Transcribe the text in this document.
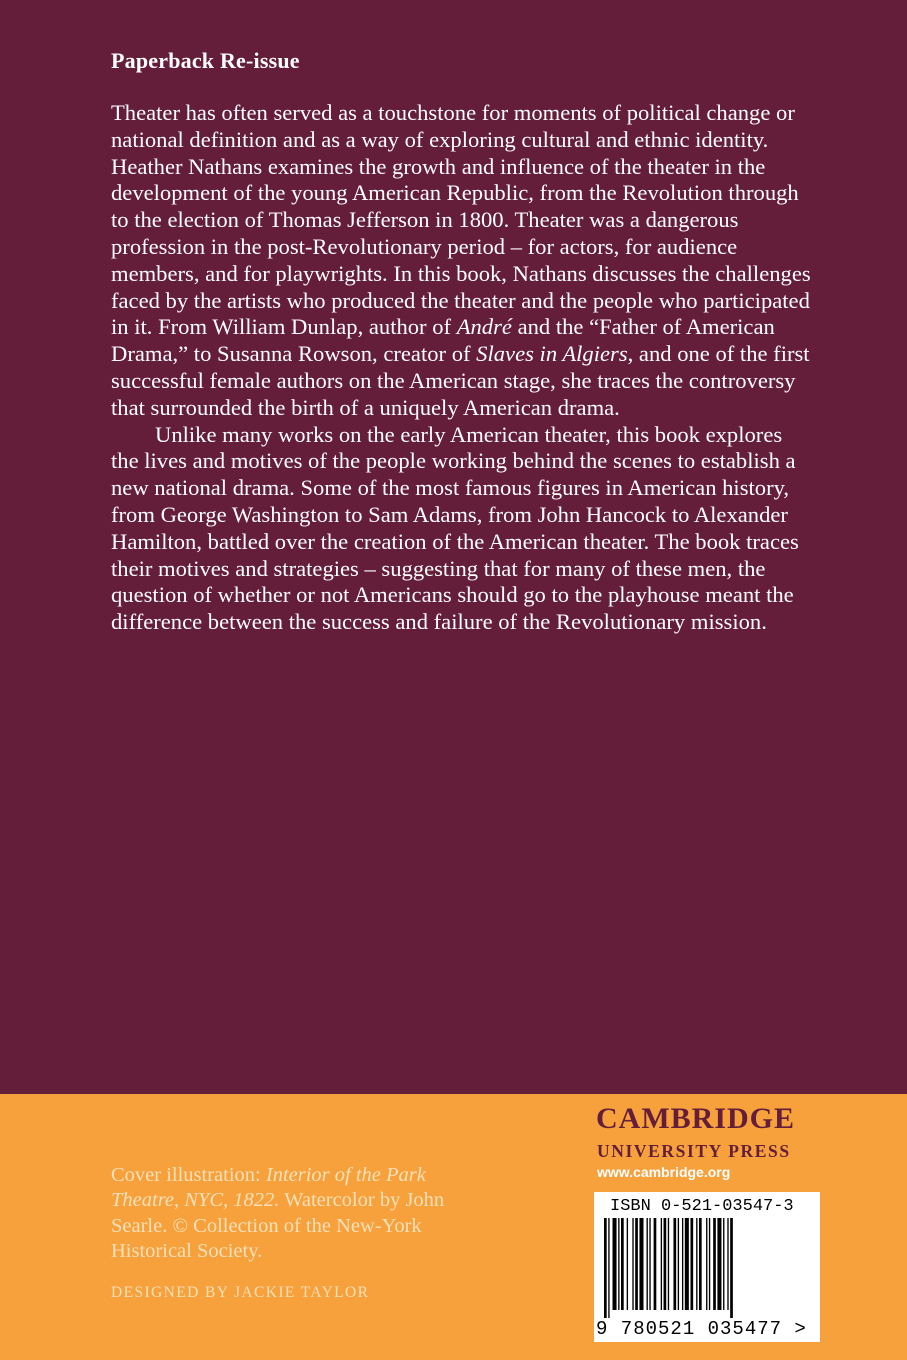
Paperback Re-issue

Theater has often served as a touchstone for moments of political change or national definition and as a way of exploring cultural and ethnic identity. Heather Nathans examines the growth and influence of the theater in the development of the young American Republic, from the Revolution through to the election of Thomas Jefferson in 1800. Theater was a dangerous profession in the post-Revolutionary period – for actors, for audience members, and for playwrights. In this book, Nathans discusses the challenges faced by the artists who produced the theater and the people who participated in it. From William Dunlap, author of André and the “Father of American Drama,” to Susanna Rowson, creator of Slaves in Algiers, and one of the first successful female authors on the American stage, she traces the controversy that surrounded the birth of a uniquely American drama.

Unlike many works on the early American theater, this book explores the lives and motives of the people working behind the scenes to establish a new national drama. Some of the most famous figures in American history, from George Washington to Sam Adams, from John Hancock to Alexander Hamilton, battled over the creation of the American theater. The book traces their motives and strategies – suggesting that for many of these men, the question of whether or not Americans should go to the playhouse meant the difference between the success and failure of the Revolutionary mission.

Cover illustration: Interior of the Park Theatre, NYC, 1822. Watercolor by John Searle. © Collection of the New-York Historical Society.
DESIGNED BY JACKIE TAYLOR
CAMBRIDGE
UNIVERSITY PRESS
www.cambridge.org
ISBN 0-521-03547-3
9 780521 035477 >
